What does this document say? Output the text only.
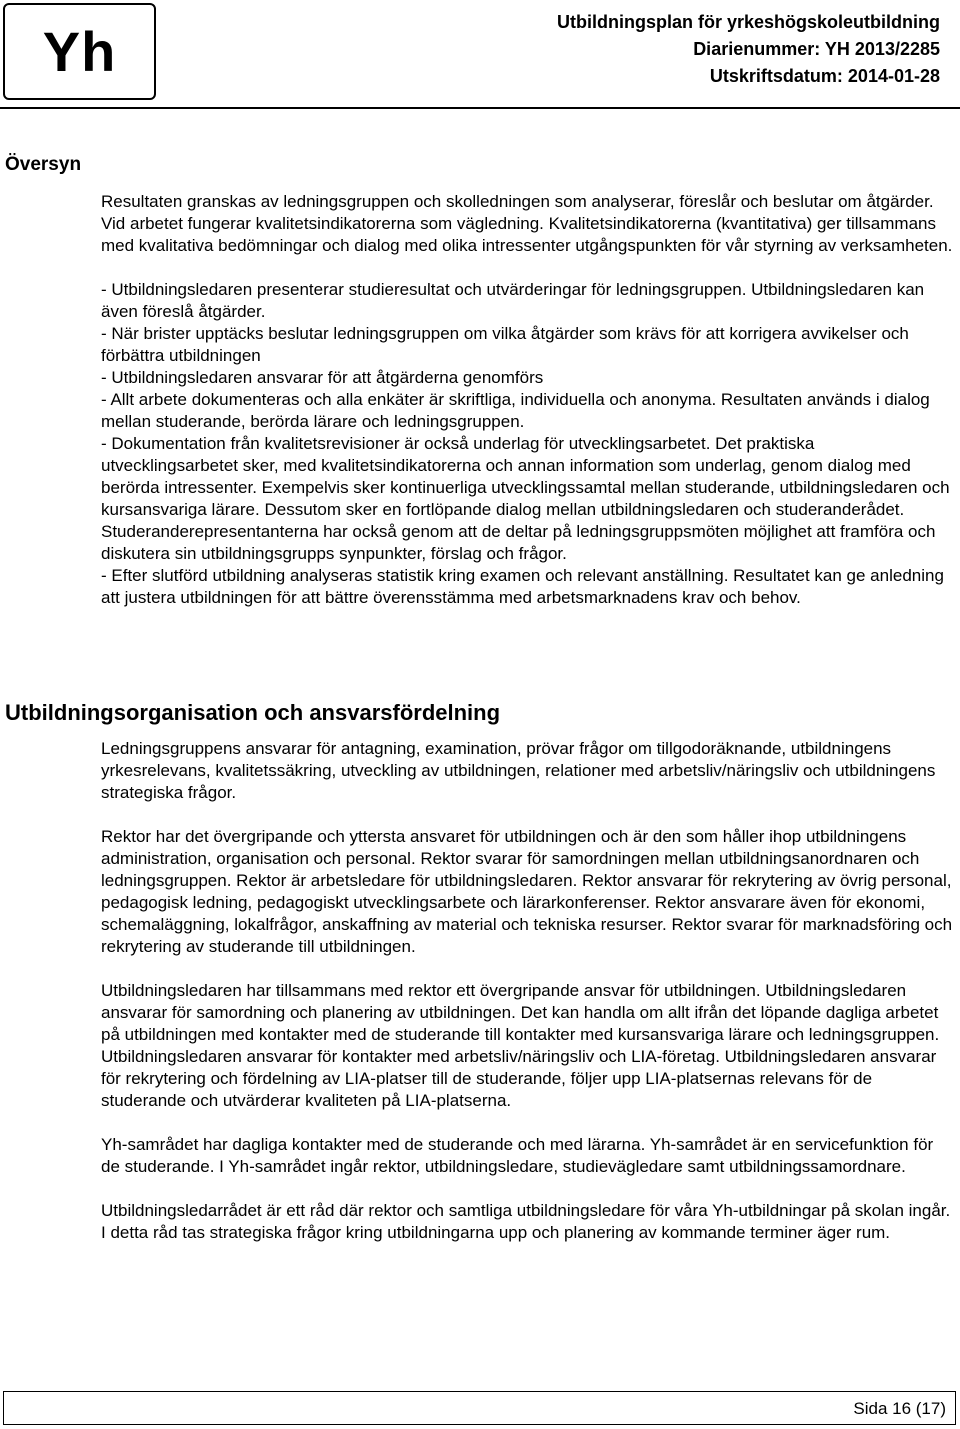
Yh	Utbildningsplan för yrkeshögskoleutbildning
Diarienummer: YH 2013/2285
Utskriftsdatum: 2014-01-28
Översyn

Resultaten granskas av ledningsgruppen och skolledningen som analyserar, föreslår och beslutar om åtgärder. Vid arbetet fungerar kvalitetsindikatorerna som vägledning. Kvalitetsindikatorerna (kvantitativa) ger tillsammans med kvalitativa bedömningar och dialog med olika intressenter utgångspunkten för vår styrning av verksamheten.

- Utbildningsledaren presenterar studieresultat och utvärderingar för ledningsgruppen. Utbildningsledaren kan även föreslå åtgärder.

- När brister upptäcks beslutar ledningsgruppen om vilka åtgärder som krävs för att korrigera avvikelser och förbättra utbildningen

- Utbildningsledaren ansvarar för att åtgärderna genomförs

- Allt arbete dokumenteras och alla enkäter är skriftliga, individuella och anonyma. Resultaten används i dialog mellan studerande, berörda lärare och ledningsgruppen.

- Dokumentation från kvalitetsrevisioner är också underlag för utvecklingsarbetet. Det praktiska utvecklingsarbetet sker, med kvalitetsindikatorerna och annan information som underlag, genom dialog med berörda intressenter. Exempelvis sker kontinuerliga utvecklingssamtal mellan studerande, utbildningsledaren och kursansvariga lärare. Dessutom sker en fortlöpande dialog mellan utbildningsledaren och studeranderådet. Studeranderepresentanterna har också genom att de deltar på ledningsgruppsmöten möjlighet att framföra och diskutera sin utbildningsgrupps synpunkter, förslag och frågor.

- Efter slutförd utbildning analyseras statistik kring examen och relevant anställning. Resultatet kan ge anledning att justera utbildningen för att bättre överensstämma med arbetsmarknadens krav och behov.

Utbildningsorganisation och ansvarsfördelning

Ledningsgruppens ansvarar för antagning, examination, prövar frågor om tillgodoräknande, utbildningens yrkesrelevans, kvalitetssäkring, utveckling av utbildningen, relationer med arbetsliv/näringsliv och utbildningens strategiska frågor.

Rektor har det övergripande och yttersta ansvaret för utbildningen och är den som håller ihop utbildningens administration, organisation och personal. Rektor svarar för samordningen mellan utbildningsanordnaren och ledningsgruppen. Rektor är arbetsledare för utbildningsledaren. Rektor ansvarar för rekrytering av övrig personal, pedagogisk ledning, pedagogiskt utvecklingsarbete och lärarkonferenser. Rektor ansvarare även för ekonomi, schemaläggning, lokalfrågor, anskaffning av material och tekniska resurser. Rektor svarar för marknadsföring och rekrytering av studerande till utbildningen.

Utbildningsledaren har tillsammans med rektor ett övergripande ansvar för utbildningen. Utbildningsledaren ansvarar för samordning och planering av utbildningen. Det kan handla om allt ifrån det löpande dagliga arbetet på utbildningen med kontakter med de studerande till kontakter med kursansvariga lärare och ledningsgruppen. Utbildningsledaren ansvarar för kontakter med arbetsliv/näringsliv och LIA-företag. Utbildningsledaren ansvarar för rekrytering och fördelning av LIA-platser till de studerande, följer upp LIA-platsernas relevans för de studerande och utvärderar kvaliteten på LIA-platserna.

Yh-samrådet har dagliga kontakter med de studerande och med lärarna. Yh-samrådet är en servicefunktion för de studerande. I Yh-samrådet ingår rektor, utbildningsledare, studievägledare samt utbildningssamordnare.

Utbildningsledarrådet är ett råd där rektor och samtliga utbildningsledare för våra Yh-utbildningar på skolan ingår. I detta råd tas strategiska frågor kring utbildningarna upp och planering av kommande terminer äger rum.

Sida 16 (17)
